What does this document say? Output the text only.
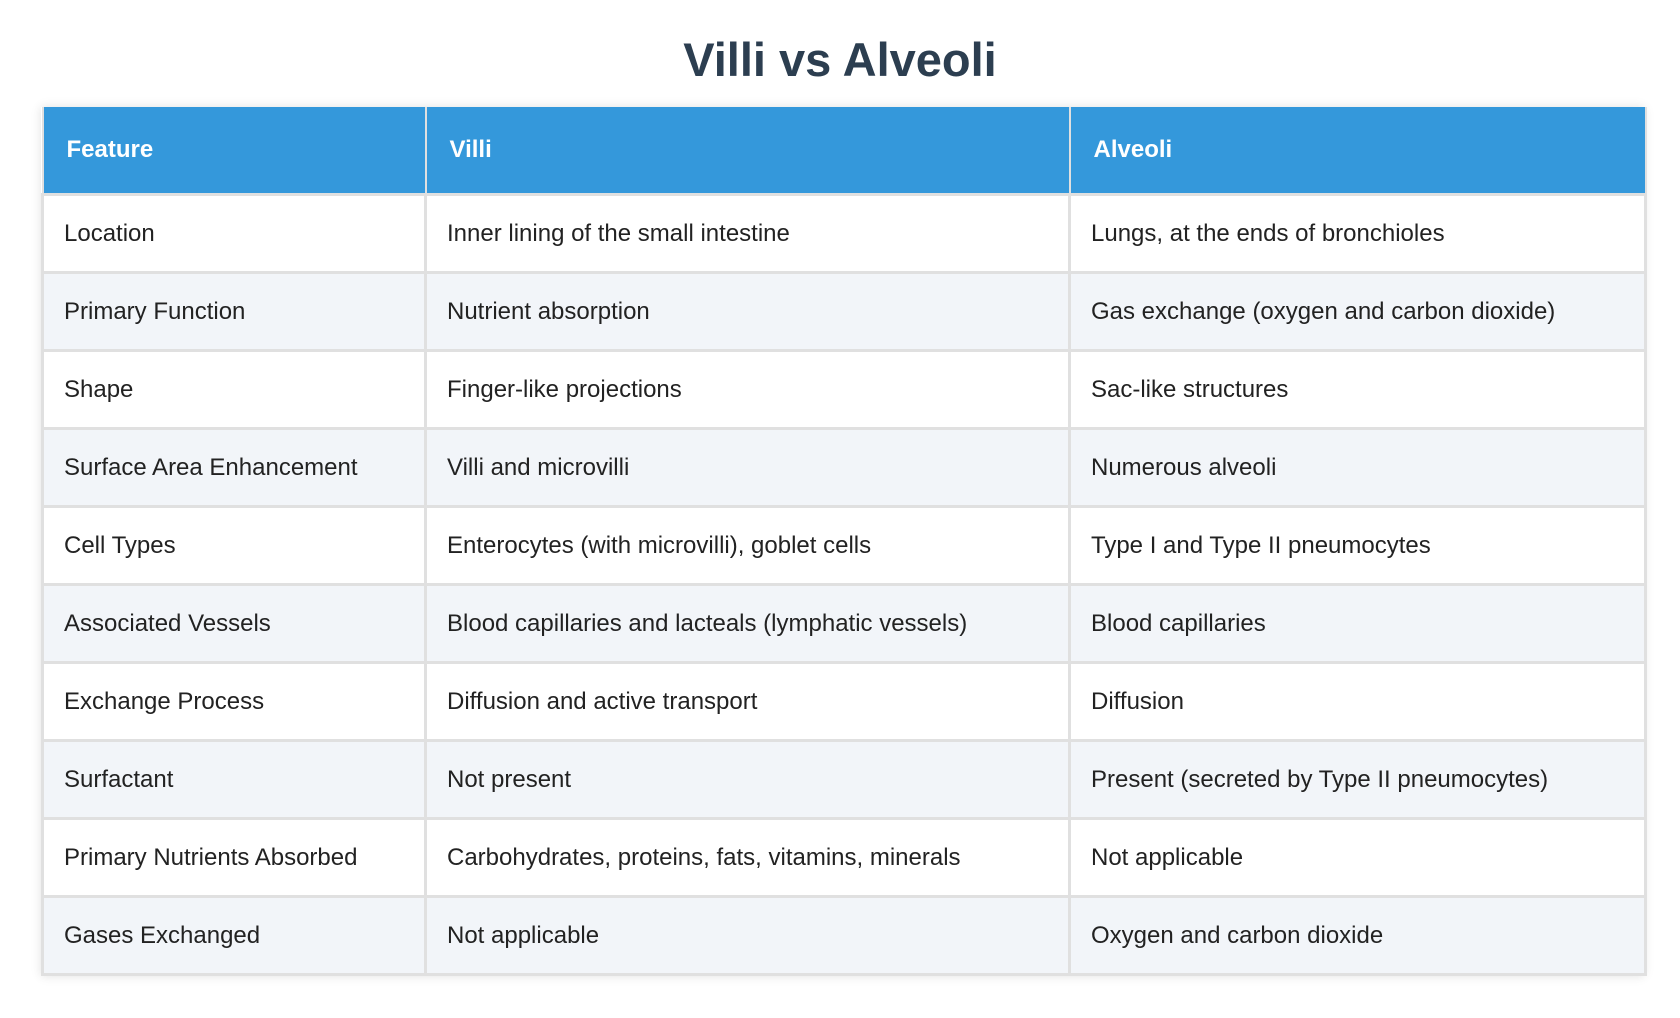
Villi vs Alveoli
Feature	Villi	Alveoli
Location	Inner lining of the small intestine	Lungs, at the ends of bronchioles
Primary Function	Nutrient absorption	Gas exchange (oxygen and carbon dioxide)
Shape	Finger-like projections	Sac-like structures
Surface Area Enhancement	Villi and microvilli	Numerous alveoli
Cell Types	Enterocytes (with microvilli), goblet cells	Type I and Type II pneumocytes
Associated Vessels	Blood capillaries and lacteals (lymphatic vessels)	Blood capillaries
Exchange Process	Diffusion and active transport	Diffusion
Surfactant	Not present	Present (secreted by Type II pneumocytes)
Primary Nutrients Absorbed	Carbohydrates, proteins, fats, vitamins, minerals	Not applicable
Gases Exchanged	Not applicable	Oxygen and carbon dioxide
